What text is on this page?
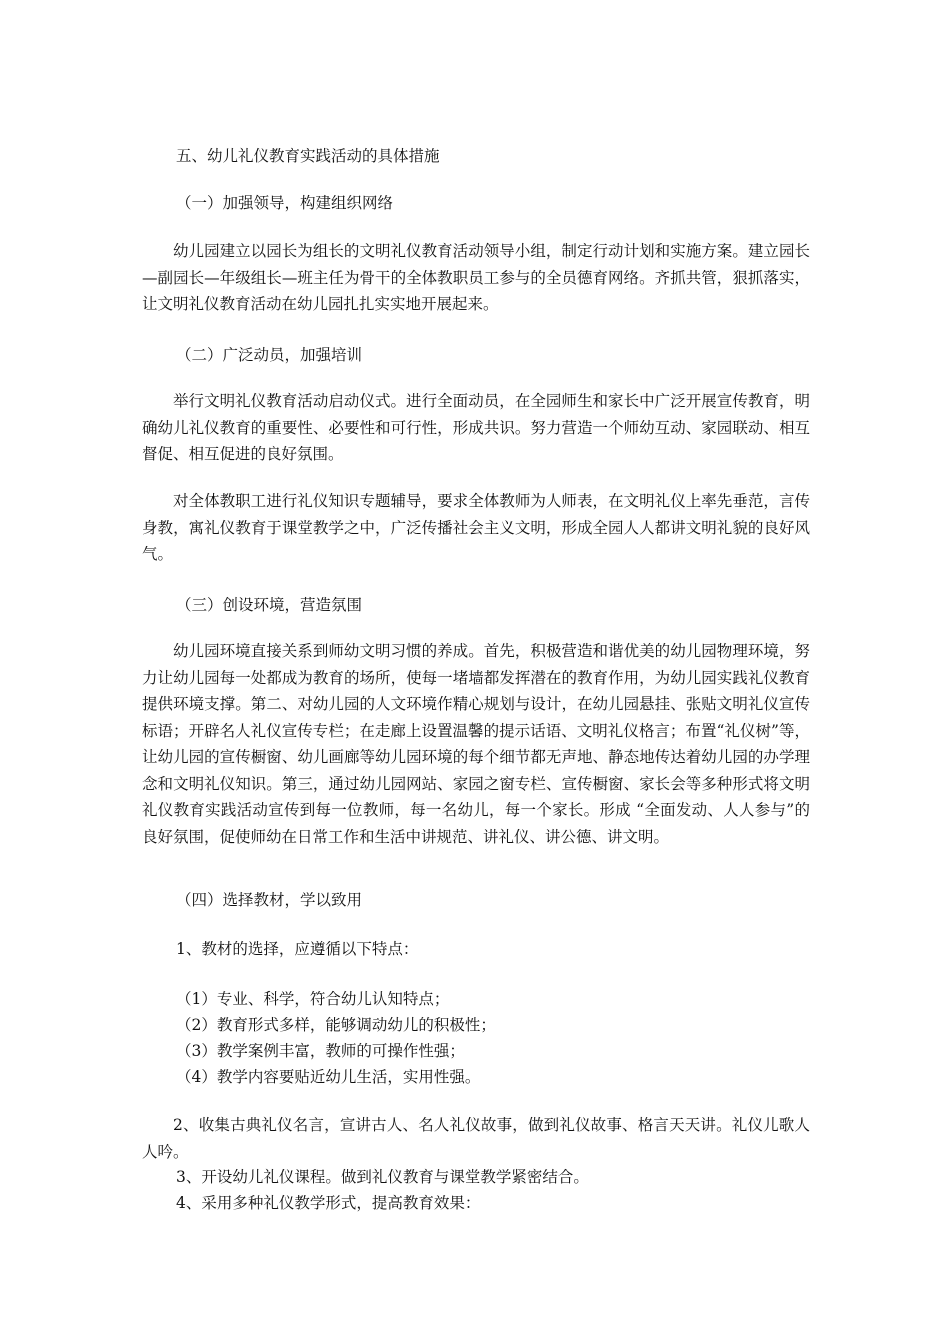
五、幼儿礼仪教育实践活动的具体措施
（一）加强领导，构建组织网络
幼儿园建立以园长为组长的文明礼仪教育活动领导小组，制定行动计划和实施方案。建立园长—副园长—年级组长—班主任为骨干的全体教职员工参与的全员德育网络。齐抓共管，狠抓落实，让文明礼仪教育活动在幼儿园扎扎实实地开展起来。
（二）广泛动员，加强培训
举行文明礼仪教育活动启动仪式。进行全面动员，在全园师生和家长中广泛开展宣传教育，明确幼儿礼仪教育的重要性、必要性和可行性，形成共识。努力营造一个师幼互动、家园联动、相互督促、相互促进的良好氛围。
对全体教职工进行礼仪知识专题辅导，要求全体教师为人师表，在文明礼仪上率先垂范，言传身教，寓礼仪教育于课堂教学之中，广泛传播社会主义文明，形成全园人人都讲文明礼貌的良好风气。
（三）创设环境，营造氛围
幼儿园环境直接关系到师幼文明习惯的养成。首先，积极营造和谐优美的幼儿园物理环境，努力让幼儿园每一处都成为教育的场所，使每一堵墙都发挥潜在的教育作用，为幼儿园实践礼仪教育提供环境支撑。第二、对幼儿园的人文环境作精心规划与设计，在幼儿园悬挂、张贴文明礼仪宣传标语；开辟名人礼仪宣传专栏；在走廊上设置温馨的提示话语、文明礼仪格言；布置“礼仪树”等，让幼儿园的宣传橱窗、幼儿画廊等幼儿园环境的每个细节都无声地、静态地传达着幼儿园的办学理念和文明礼仪知识。第三，通过幼儿园网站、家园之窗专栏、宣传橱窗、家长会等多种形式将文明礼仪教育实践活动宣传到每一位教师，每一名幼儿，每一个家长。形成 “全面发动、人人参与”的良好氛围，促使师幼在日常工作和生活中讲规范、讲礼仪、讲公德、讲文明。
（四）选择教材，学以致用
1、教材的选择，应遵循以下特点：
（1）专业、科学，符合幼儿认知特点；
（2）教育形式多样，能够调动幼儿的积极性；
（3）教学案例丰富，教师的可操作性强；
（4）教学内容要贴近幼儿生活，实用性强。
2、收集古典礼仪名言，宣讲古人、名人礼仪故事，做到礼仪故事、格言天天讲。礼仪儿歌人人吟。
3、开设幼儿礼仪课程。做到礼仪教育与课堂教学紧密结合。
4、采用多种礼仪教学形式，提高教育效果：
